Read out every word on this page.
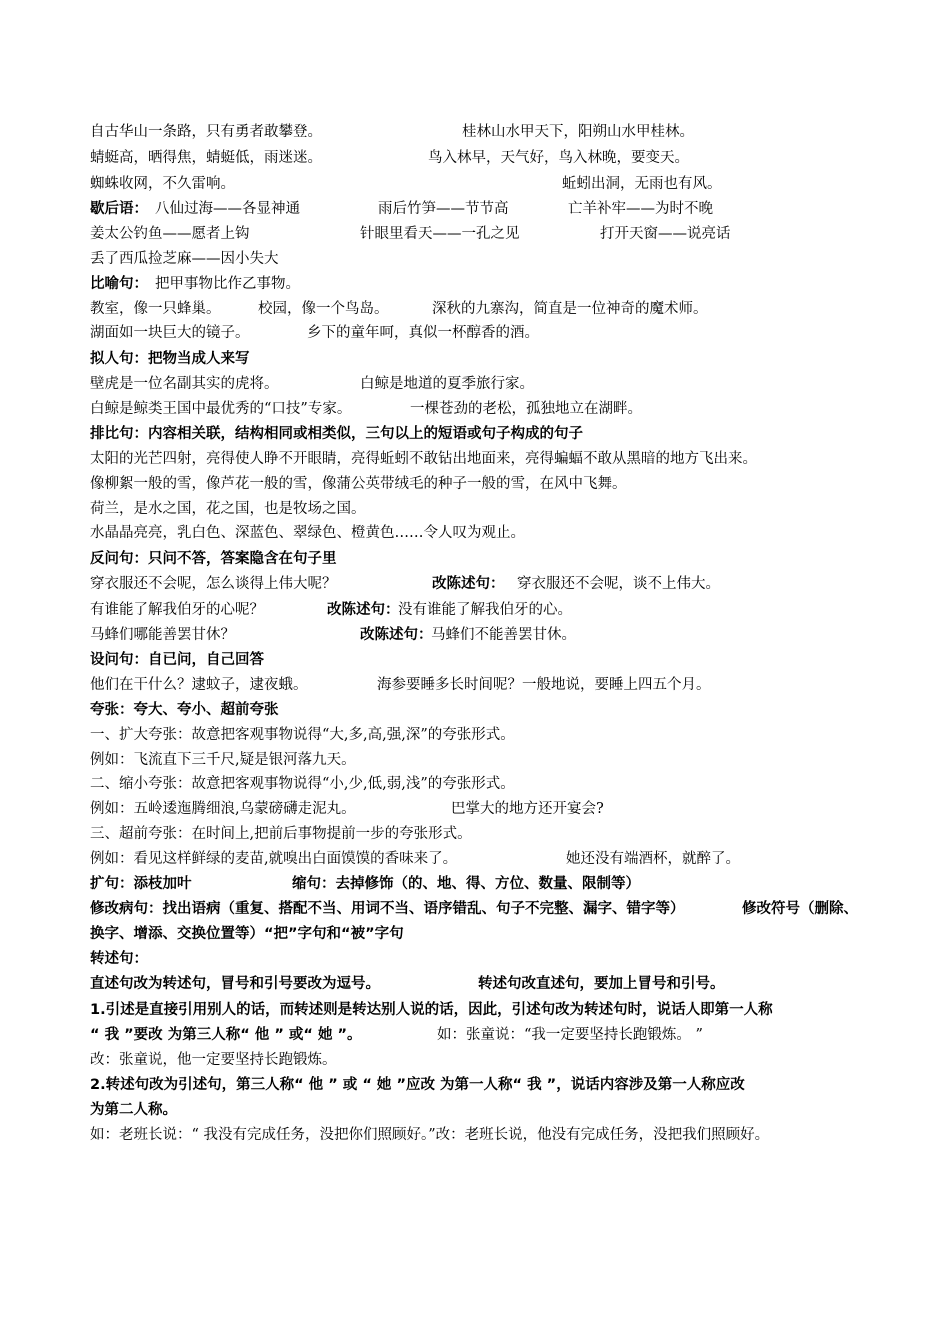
自古华山一条路，只有勇者敢攀登。	桂林山水甲天下，阳朔山水甲桂林。
蜻蜓高，晒得焦，蜻蜓低，雨迷迷。	鸟入林早，天气好，鸟入林晚，要变天。
蜘蛛收网，不久雷响。	蚯蚓出洞，无雨也有风。
歇后语： 八仙过海——各显神通	雨后竹笋——节节高	亡羊补牢——为时不晚
姜太公钓鱼——愿者上钩	针眼里看天——一孔之见	打开天窗——说亮话
丢了西瓜捡芝麻——因小失大
比喻句： 把甲事物比作乙事物。
教室，像一只蜂巢。	校园，像一个鸟岛。	深秋的九寨沟，简直是一位神奇的魔术师。
湖面如一块巨大的镜子。	乡下的童年呵，真似一杯醇香的酒。
拟人句：把物当成人来写
壁虎是一位名副其实的虎将。	白鲸是地道的夏季旅行家。
白鲸是鲸类王国中最优秀的“口技”专家。	一棵苍劲的老松，孤独地立在湖畔。
排比句：内容相关联，结构相同或相类似，三句以上的短语或句子构成的句子
太阳的光芒四射，亮得使人睁不开眼睛，亮得蚯蚓不敢钻出地面来，亮得蝙蝠不敢从黑暗的地方飞出来。
像柳絮一般的雪，像芦花一般的雪，像蒲公英带绒毛的种子一般的雪，在风中飞舞。
荷兰，是水之国，花之国，也是牧场之国。
水晶晶亮亮，乳白色、深蓝色、翠绿色、橙黄色……令人叹为观止。
反问句：只问不答，答案隐含在句子里
穿衣服还不会呢，怎么谈得上伟大呢？	改陈述句： 穿衣服还不会呢，谈不上伟大。
有谁能了解我伯牙的心呢？	改陈述句：
没有谁能了解我伯牙的心。
马蜂们哪能善罢甘休？	改陈述句：
马蜂们不能善罢甘休。
设问句：自已问，自己回答
他们在干什么？逮蚊子，逮夜蛾。	海参要睡多长时间呢？一般地说，要睡上四五个月。
夸张：夸大、夸小、超前夸张
一、扩大夸张：故意把客观事物说得“大,多,高,强,深”的夸张形式。
例如：飞流直下三千尺,疑是银河落九天。
二、缩小夸张：故意把客观事物说得“小,少,低,弱,浅”的夸张形式。
例如：五岭逶迤腾细浪,乌蒙磅礴走泥丸。	巴掌大的地方还开宴会?
三、超前夸张：在时间上,把前后事物提前一步的夸张形式。
例如：看见这样鲜绿的麦苗,就嗅出白面馍馍的香味来了。	她还没有端酒杯，就醉了。
扩句：添枝加叶	缩句：去掉修饰（的、地、得、方位、数量、限制等）
修改病句：找出语病（重复、搭配不当、用词不当、语序错乱、句子不完整、漏字、错字等）	修改符号（删除、
换字、增添、交换位置等）“把”字句和“被”字句
转述句：
直述句改为转述句，冒号和引号要改为逗号。	转述句改直述句，要加上冒号和引号。
1.引述是直接引用别人的话，而转述则是转达别人说的话，因此，引述句改为转述句时，说话人即第一人称
“ 我 ”要改 为第三人称“ 他 ” 或“ 她 ”。	如：张童说：“我一定要坚持长跑锻炼。 ”
改：张童说，他一定要坚持长跑锻炼。
2.转述句改为引述句，第三人称“ 他 ” 或 “ 她 ”应改 为第一人称“ 我 ”，说话内容涉及第一人称应改
为第二人称。
如：老班长说：“ 我没有完成任务，没把你们照顾好。”改：老班长说，他没有完成任务，没把我们照顾好。
